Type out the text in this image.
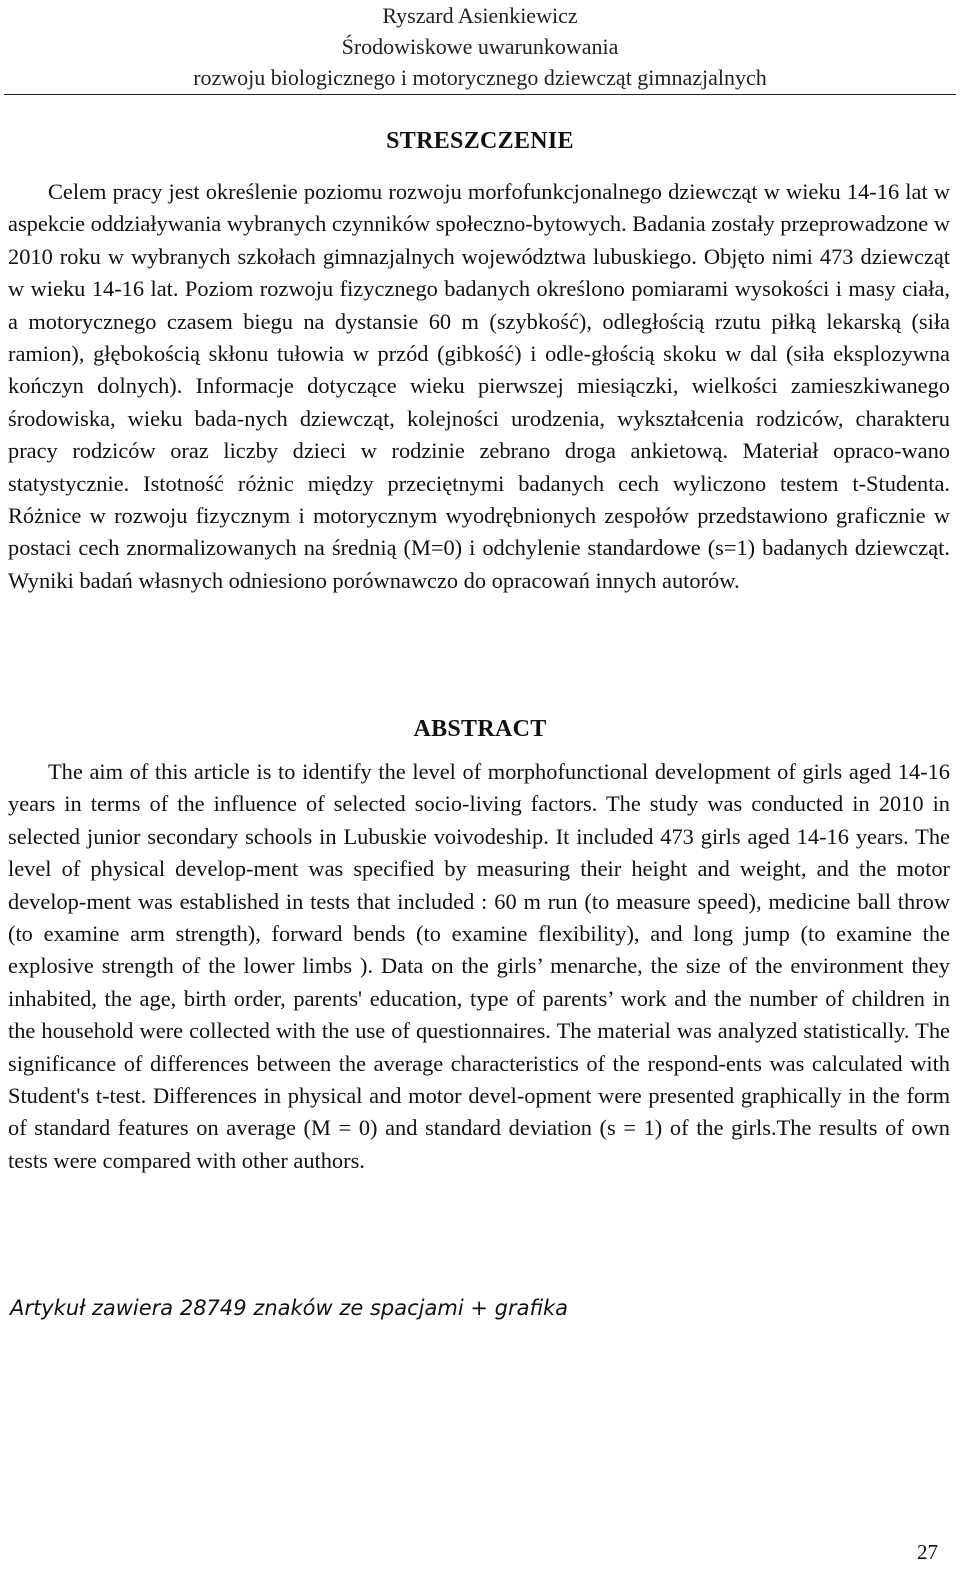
Ryszard Asienkiewicz
Środowiskowe uwarunkowania
rozwoju biologicznego i motorycznego dziewcząt gimnazjalnych
STRESZCZENIE
Celem pracy jest określenie poziomu rozwoju morfofunkcjonalnego dziewcząt w wieku 14-16 lat w aspekcie oddziaływania wybranych czynników społeczno-bytowych. Badania zostały przeprowadzone w 2010 roku w wybranych szkołach gimnazjalnych województwa lubuskiego. Objęto nimi 473 dziewcząt w wieku 14-16 lat. Poziom rozwoju fizycznego badanych określono pomiarami wysokości i masy ciała, a motorycznego czasem biegu na dystansie 60 m (szybkość), odległością rzutu piłką lekarską (siła ramion), głębokością skłonu tułowia w przód (gibkość) i odle-głością skoku w dal (siła eksplozywna kończyn dolnych). Informacje dotyczące wieku pierwszej miesiączki, wielkości zamieszkiwanego środowiska, wieku bada-nych dziewcząt, kolejności urodzenia, wykształcenia rodziców, charakteru pracy rodziców oraz liczby dzieci w rodzinie zebrano droga ankietową. Materiał opraco-wano statystycznie. Istotność różnic między przeciętnymi badanych cech wyliczono testem t-Studenta. Różnice w rozwoju fizycznym i motorycznym wyodrębnionych zespołów przedstawiono graficznie w postaci cech znormalizowanych na średnią (M=0) i odchylenie standardowe (s=1) badanych dziewcząt. Wyniki badań własnych odniesiono porównawczo do opracowań innych autorów.
ABSTRACT
The aim of this article is to identify the level of morphofunctional development of girls aged 14-16 years in terms of the influence of selected socio-living factors. The study was conducted in 2010 in selected junior secondary schools in Lubuskie voivodeship. It included 473 girls aged 14-16 years. The level of physical develop-ment was specified by measuring their height and weight, and the motor develop-ment was established in tests that included : 60 m run (to measure speed), medicine ball throw (to examine arm strength), forward bends (to examine flexibility), and long jump (to examine the explosive strength of the lower limbs ). Data on the girls’ menarche, the size of the environment they inhabited, the age, birth order, parents' education, type of parents’ work and the number of children in the household were collected with the use of questionnaires. The material was analyzed statistically. The significance of differences between the average characteristics of the respond-ents was calculated with Student's t-test. Differences in physical and motor devel-opment were presented graphically in the form of standard features on average (M = 0) and standard deviation (s = 1) of the girls.The results of own tests were compared with other authors.
Artykuł zawiera 28749 znaków ze spacjami + grafika
27
